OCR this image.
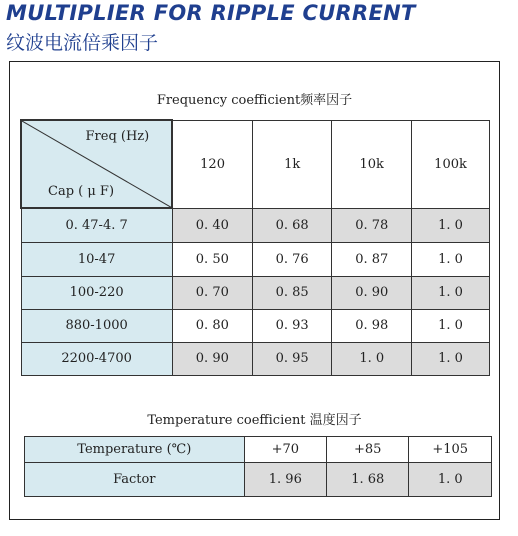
MULTIPLIER FOR RIPPLE CURRENT
纹波电流倍乘因子
Frequency coefficient频率因子
Freq (Hz)
Cap ( μ F)	120	1k	10k	100k
0. 47-4. 7	0. 40	0. 68	0. 78	1. 0
10-47	0. 50	0. 76	0. 87	1. 0
100-220	0. 70	0. 85	0. 90	1. 0
880-1000	0. 80	0. 93	0. 98	1. 0
2200-4700	0. 90	0. 95	1. 0	1. 0
Temperature coefficient 温度因子
Temperature (℃)	+70	+85	+105
Factor	1. 96	1. 68	1. 0
